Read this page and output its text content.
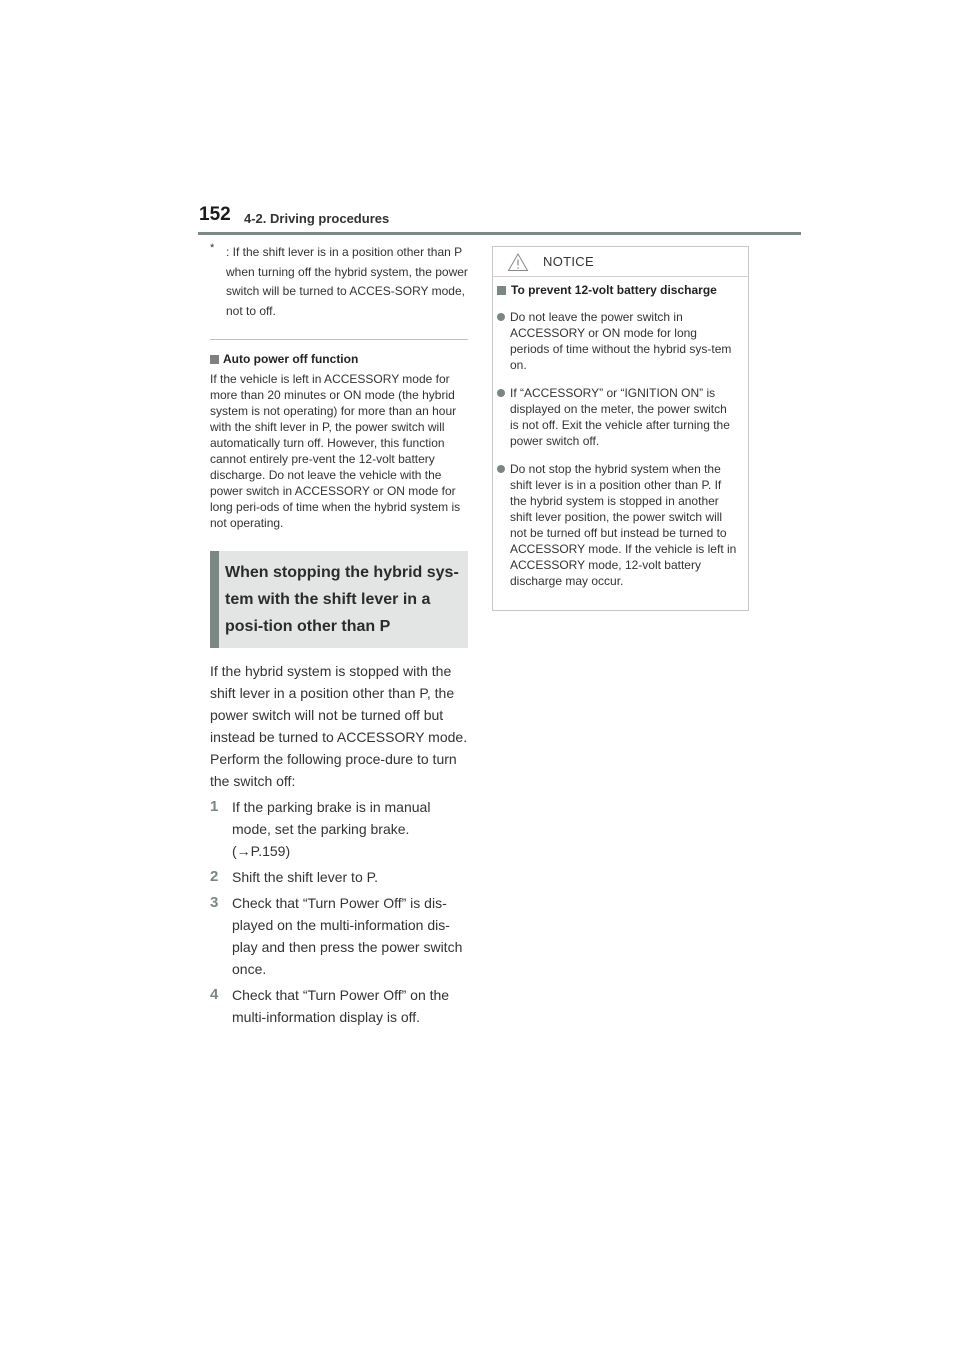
152 4-2. Driving procedures
* : If the shift lever is in a position other than P when turning off the hybrid system, the power switch will be turned to ACCES-SORY mode, not to off.
Auto power off function
If the vehicle is left in ACCESSORY mode for more than 20 minutes or ON mode (the hybrid system is not operating) for more than an hour with the shift lever in P, the power switch will automatically turn off. However, this function cannot entirely pre-vent the 12-volt battery discharge. Do not leave the vehicle with the power switch in ACCESSORY or ON mode for long peri-ods of time when the hybrid system is not operating.
When stopping the hybrid sys-tem with the shift lever in a posi-tion other than P
If the hybrid system is stopped with the shift lever in a position other than P, the power switch will not be turned off but instead be turned to ACCESSORY mode. Perform the following proce-dure to turn the switch off:
1 If the parking brake is in manual mode, set the parking brake. (→P.159)
2 Shift the shift lever to P.
3 Check that “Turn Power Off” is dis-played on the multi-information dis-play and then press the power switch once.
4 Check that “Turn Power Off” on the multi-information display is off.
NOTICE
To prevent 12-volt battery discharge
Do not leave the power switch in ACCESSORY or ON mode for long periods of time without the hybrid sys-tem on.
If “ACCESSORY” or “IGNITION ON” is displayed on the meter, the power switch is not off. Exit the vehicle after turning the power switch off.
Do not stop the hybrid system when the shift lever is in a position other than P. If the hybrid system is stopped in another shift lever position, the power switch will not be turned off but instead be turned to ACCESSORY mode. If the vehicle is left in ACCESSORY mode, 12-volt battery discharge may occur.
